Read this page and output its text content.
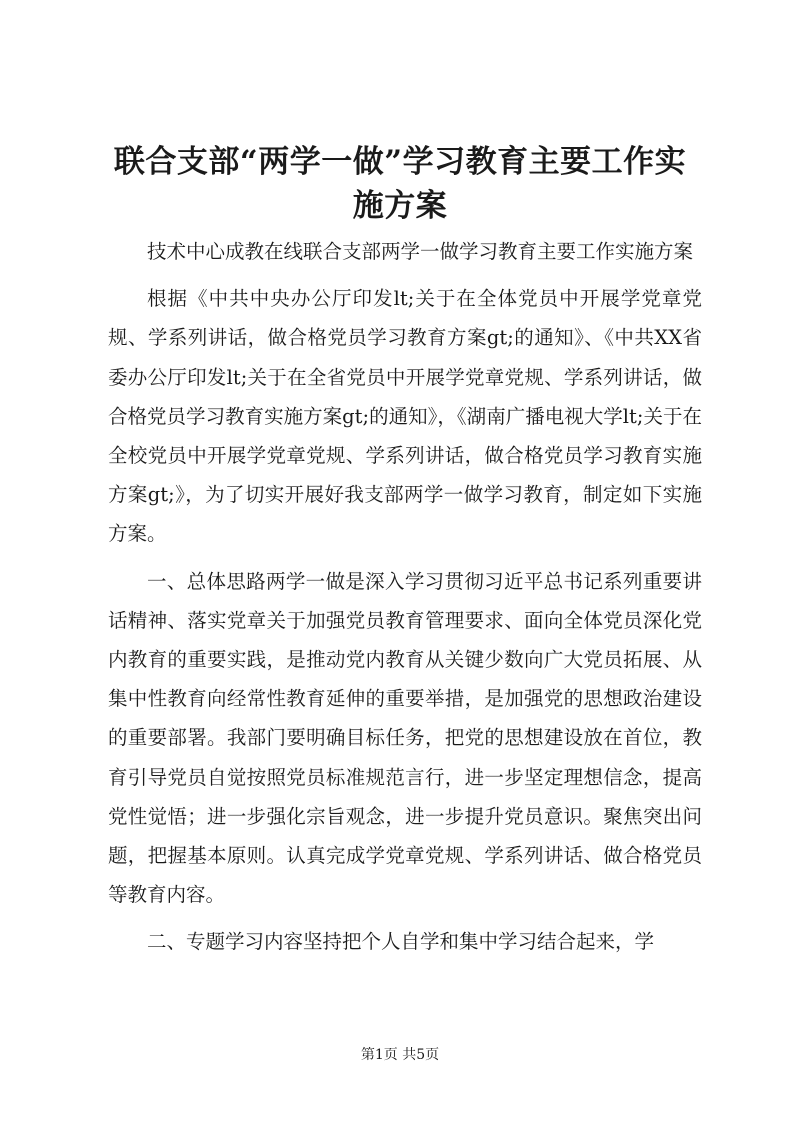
联合支部“两学一做”学习教育主要工作实施方案

技术中心成教在线联合支部两学一做学习教育主要工作实施方案

根据《中共中央办公厅印发lt;关于在全体党员中开展学党章党规、学系列讲话，做合格党员学习教育方案gt;的通知》、《中共XX省委办公厅印发lt;关于在全省党员中开展学党章党规、学系列讲话，做合格党员学习教育实施方案gt;的通知》，《湖南广播电视大学lt;关于在全校党员中开展学党章党规、学系列讲话，做合格党员学习教育实施方案gt;》，为了切实开展好我支部两学一做学习教育，制定如下实施方案。

一、总体思路两学一做是深入学习贯彻习近平总书记系列重要讲话精神、落实党章关于加强党员教育管理要求、面向全体党员深化党内教育的重要实践，是推动党内教育从关键少数向广大党员拓展、从集中性教育向经常性教育延伸的重要举措，是加强党的思想政治建设的重要部署。我部门要明确目标任务，把党的思想建设放在首位，教育引导党员自觉按照党员标准规范言行，进一步坚定理想信念，提高党性觉悟；进一步强化宗旨观念，进一步提升党员意识。聚焦突出问题，把握基本原则。认真完成学党章党规、学系列讲话、做合格党员等教育内容。

二、专题学习内容坚持把个人自学和集中学习结合起来，学

第1页 共5页
